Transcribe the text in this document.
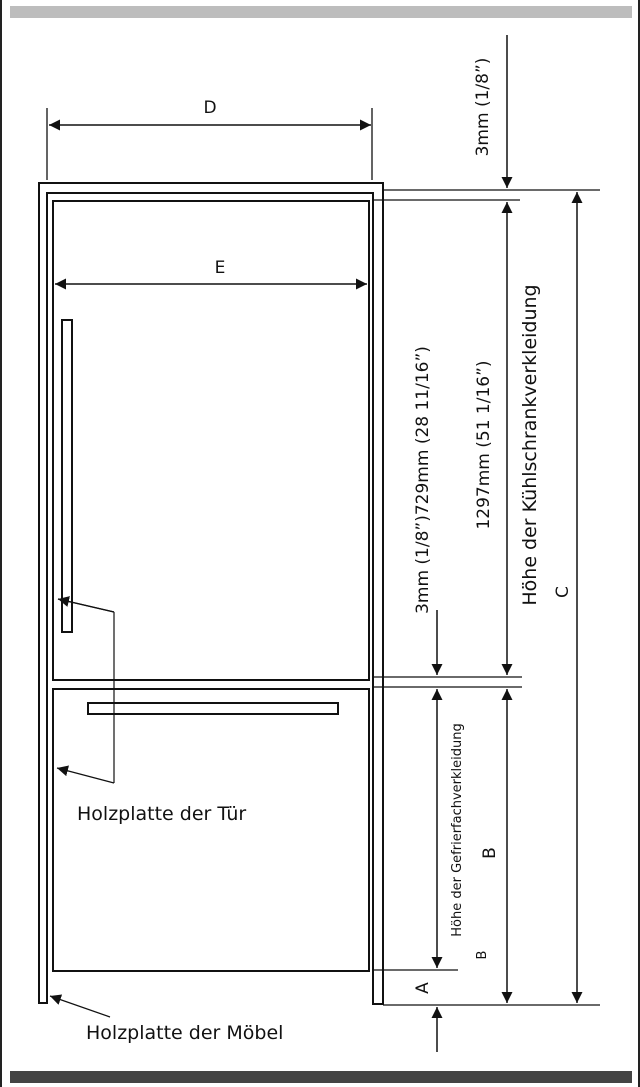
D
E
3mm (1/8”)
3mm (1/8”)729mm (28 11/16”) 1297mm (51 1/16”) Höhe der Kühlschrankverkleidung C
B
Höhe der Gefrierfachverkleidung
B
A
Holzplatte der Tür
Holzplatte der Möbel
